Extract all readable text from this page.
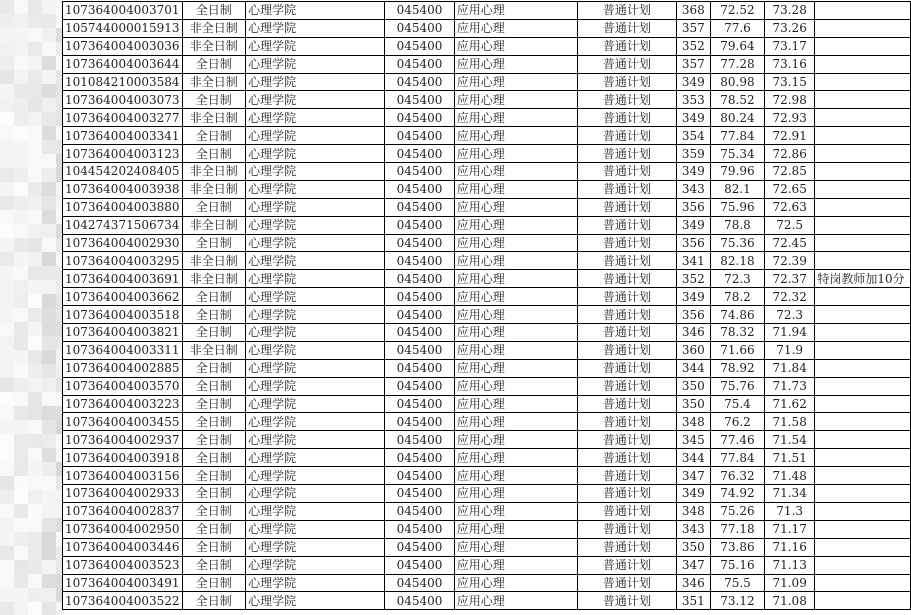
107364004003701	全日制	心理学院	045400	应用心理	普通计划	368	72.52	73.28	
105744000015913	非全日制	心理学院	045400	应用心理	普通计划	357	77.6	73.26	
107364004003036	非全日制	心理学院	045400	应用心理	普通计划	352	79.64	73.17	
107364004003644	全日制	心理学院	045400	应用心理	普通计划	357	77.28	73.16	
101084210003584	非全日制	心理学院	045400	应用心理	普通计划	349	80.98	73.15	
107364004003073	全日制	心理学院	045400	应用心理	普通计划	353	78.52	72.98	
107364004003277	非全日制	心理学院	045400	应用心理	普通计划	349	80.24	72.93	
107364004003341	全日制	心理学院	045400	应用心理	普通计划	354	77.84	72.91	
107364004003123	全日制	心理学院	045400	应用心理	普通计划	359	75.34	72.86	
104454202408405	非全日制	心理学院	045400	应用心理	普通计划	349	79.96	72.85	
107364004003938	非全日制	心理学院	045400	应用心理	普通计划	343	82.1	72.65	
107364004003880	全日制	心理学院	045400	应用心理	普通计划	356	75.96	72.63	
104274371506734	非全日制	心理学院	045400	应用心理	普通计划	349	78.8	72.5	
107364004002930	全日制	心理学院	045400	应用心理	普通计划	356	75.36	72.45	
107364004003295	非全日制	心理学院	045400	应用心理	普通计划	341	82.18	72.39	
107364004003691	非全日制	心理学院	045400	应用心理	普通计划	352	72.3	72.37	特岗教师加10分
107364004003662	全日制	心理学院	045400	应用心理	普通计划	349	78.2	72.32	
107364004003518	全日制	心理学院	045400	应用心理	普通计划	356	74.86	72.3	
107364004003821	全日制	心理学院	045400	应用心理	普通计划	346	78.32	71.94	
107364004003311	非全日制	心理学院	045400	应用心理	普通计划	360	71.66	71.9	
107364004002885	全日制	心理学院	045400	应用心理	普通计划	344	78.92	71.84	
107364004003570	全日制	心理学院	045400	应用心理	普通计划	350	75.76	71.73	
107364004003223	全日制	心理学院	045400	应用心理	普通计划	350	75.4	71.62	
107364004003455	全日制	心理学院	045400	应用心理	普通计划	348	76.2	71.58	
107364004002937	全日制	心理学院	045400	应用心理	普通计划	345	77.46	71.54	
107364004003918	全日制	心理学院	045400	应用心理	普通计划	344	77.84	71.51	
107364004003156	全日制	心理学院	045400	应用心理	普通计划	347	76.32	71.48	
107364004002933	全日制	心理学院	045400	应用心理	普通计划	349	74.92	71.34	
107364004002837	全日制	心理学院	045400	应用心理	普通计划	348	75.26	71.3	
107364004002950	全日制	心理学院	045400	应用心理	普通计划	343	77.18	71.17	
107364004003446	全日制	心理学院	045400	应用心理	普通计划	350	73.86	71.16	
107364004003523	全日制	心理学院	045400	应用心理	普通计划	347	75.16	71.13	
107364004003491	全日制	心理学院	045400	应用心理	普通计划	346	75.5	71.09	
107364004003522	全日制	心理学院	045400	应用心理	普通计划	351	73.12	71.08	
